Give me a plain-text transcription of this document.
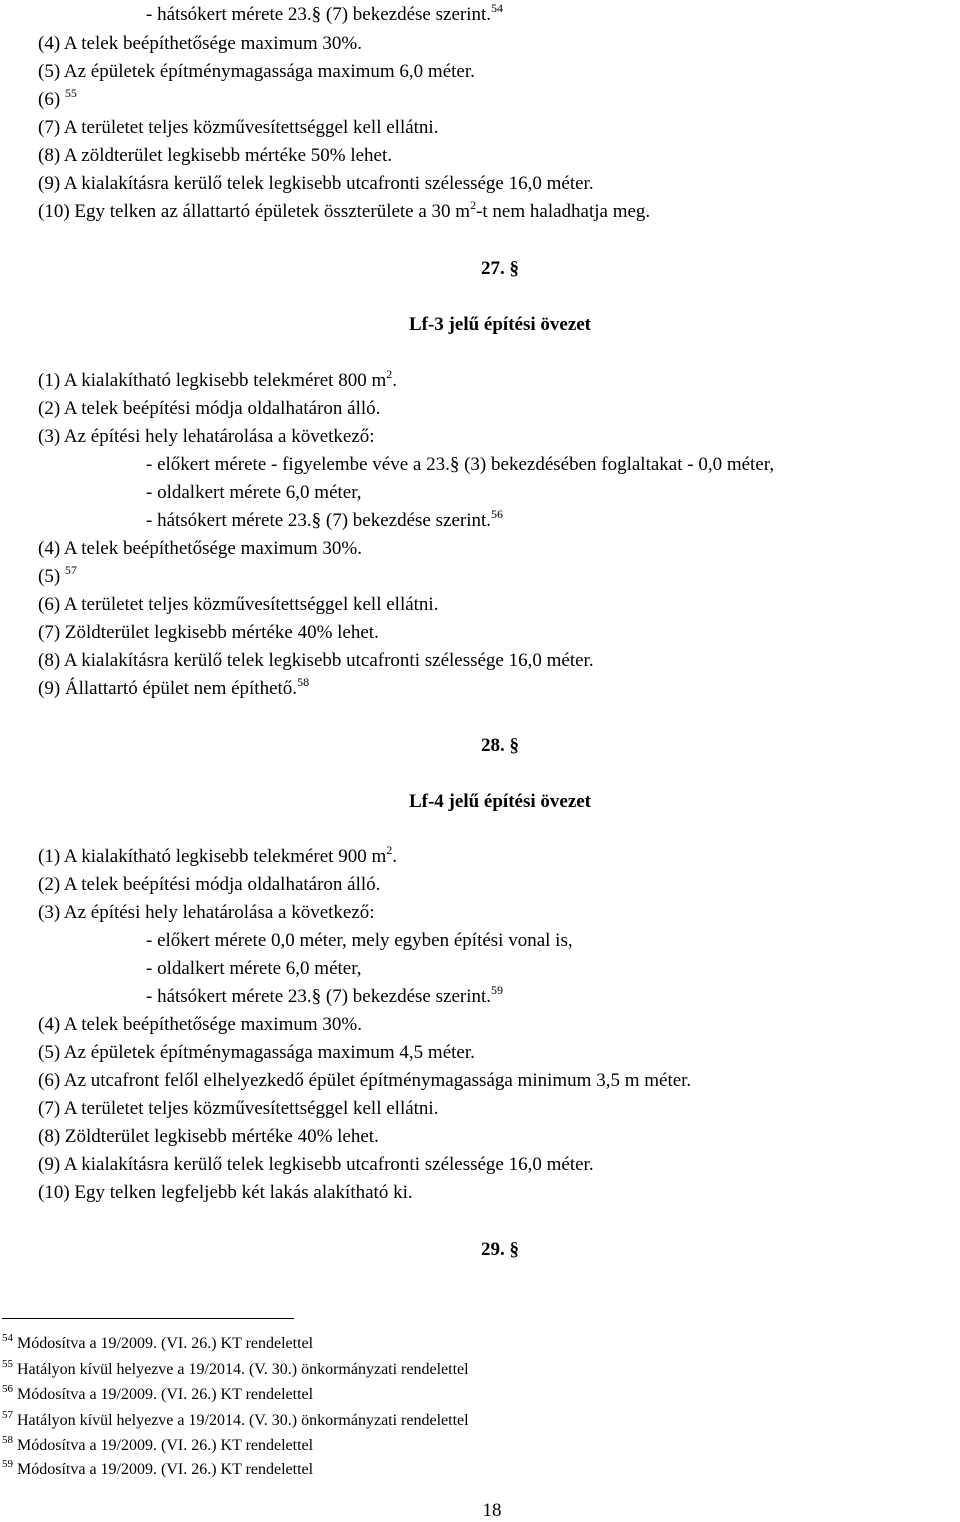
- hátsókert mérete 23.§ (7) bekezdése szerint.$^{54}$
(4) A telek beépíthetősége maximum 30%.
(5) Az épületek építménymagassága maximum 6,0 méter.
(6) $^{55}$
(7) A területet teljes közművesítettséggel kell ellátni.
(8) A zöldterület legkisebb mértéke 50% lehet.
(9) A kialakításra kerülő telek legkisebb utcafronti szélessége 16,0 méter.
(10) Egy telken az állattartó épületek összterülete a 30 $m^2-t$ nem haladhatja meg.
27. §
Lf-3 jelű építési övezet
(1) A kialakítható legkisebb telekméret 800 $m^2$.
(2) A telek beépítési módja oldalhatáron álló.
(3) Az építési hely lehatárolása a következő:
- előkert mérete - figyelembe véve a 23.§ (3) bekezdésében foglaltakat - 0,0 méter,
- oldalkert mérete 6,0 méter,
- hátsókert mérete 23.§ (7) bekezdése szerint.$^{56}$
(4) A telek beépíthetősége maximum 30%.
(5) $^{57}$
(6) A területet teljes közművesítettséggel kell ellátni.
(7) Zöldterület legkisebb mértéke 40% lehet.
(8) A kialakításra kerülő telek legkisebb utcafronti szélessége 16,0 méter.
(9) Állattartó épület nem építhető.$^{58}$
28. §
Lf-4 jelű építési övezet
(1) A kialakítható legkisebb telekméret 900 $m^2$.
(2) A telek beépítési módja oldalhatáron álló.
(3) Az építési hely lehatárolása a következő:
- előkert mérete 0,0 méter, mely egyben építési vonal is,
- oldalkert mérete 6,0 méter,
- hátsókert mérete 23.§ (7) bekezdése szerint.$^{59}$
(4) A telek beépíthetősége maximum 30%.
(5) Az épületek építménymagassága maximum 4,5 méter.
(6) Az utcafront felől elhelyezkedő épület építménymagassága minimum 3,5 m méter.
(7) A területet teljes közművesítettséggel kell ellátni.
(8) Zöldterület legkisebb mértéke 40% lehet.
(9) A kialakításra kerülő telek legkisebb utcafronti szélessége 16,0 méter.
(10) Egy telken legfeljebb két lakás alakítható ki.
29. §
$^{54}$ Módosítva a 19/2009. (VI. 26.) KT rendelettel
$^{55}$ Hatályon kívül helyezve a 19/2014. (V. 30.) önkormányzati rendelettel
$^{56}$ Módosítva a 19/2009. (VI. 26.) KT rendelettel
$^{57}$ Hatályon kívül helyezve a 19/2014. (V. 30.) önkormányzati rendelettel
$^{58}$ Módosítva a 19/2009. (VI. 26.) KT rendelettel
$^{59}$ Módosítva a 19/2009. (VI. 26.) KT rendelettel
18
